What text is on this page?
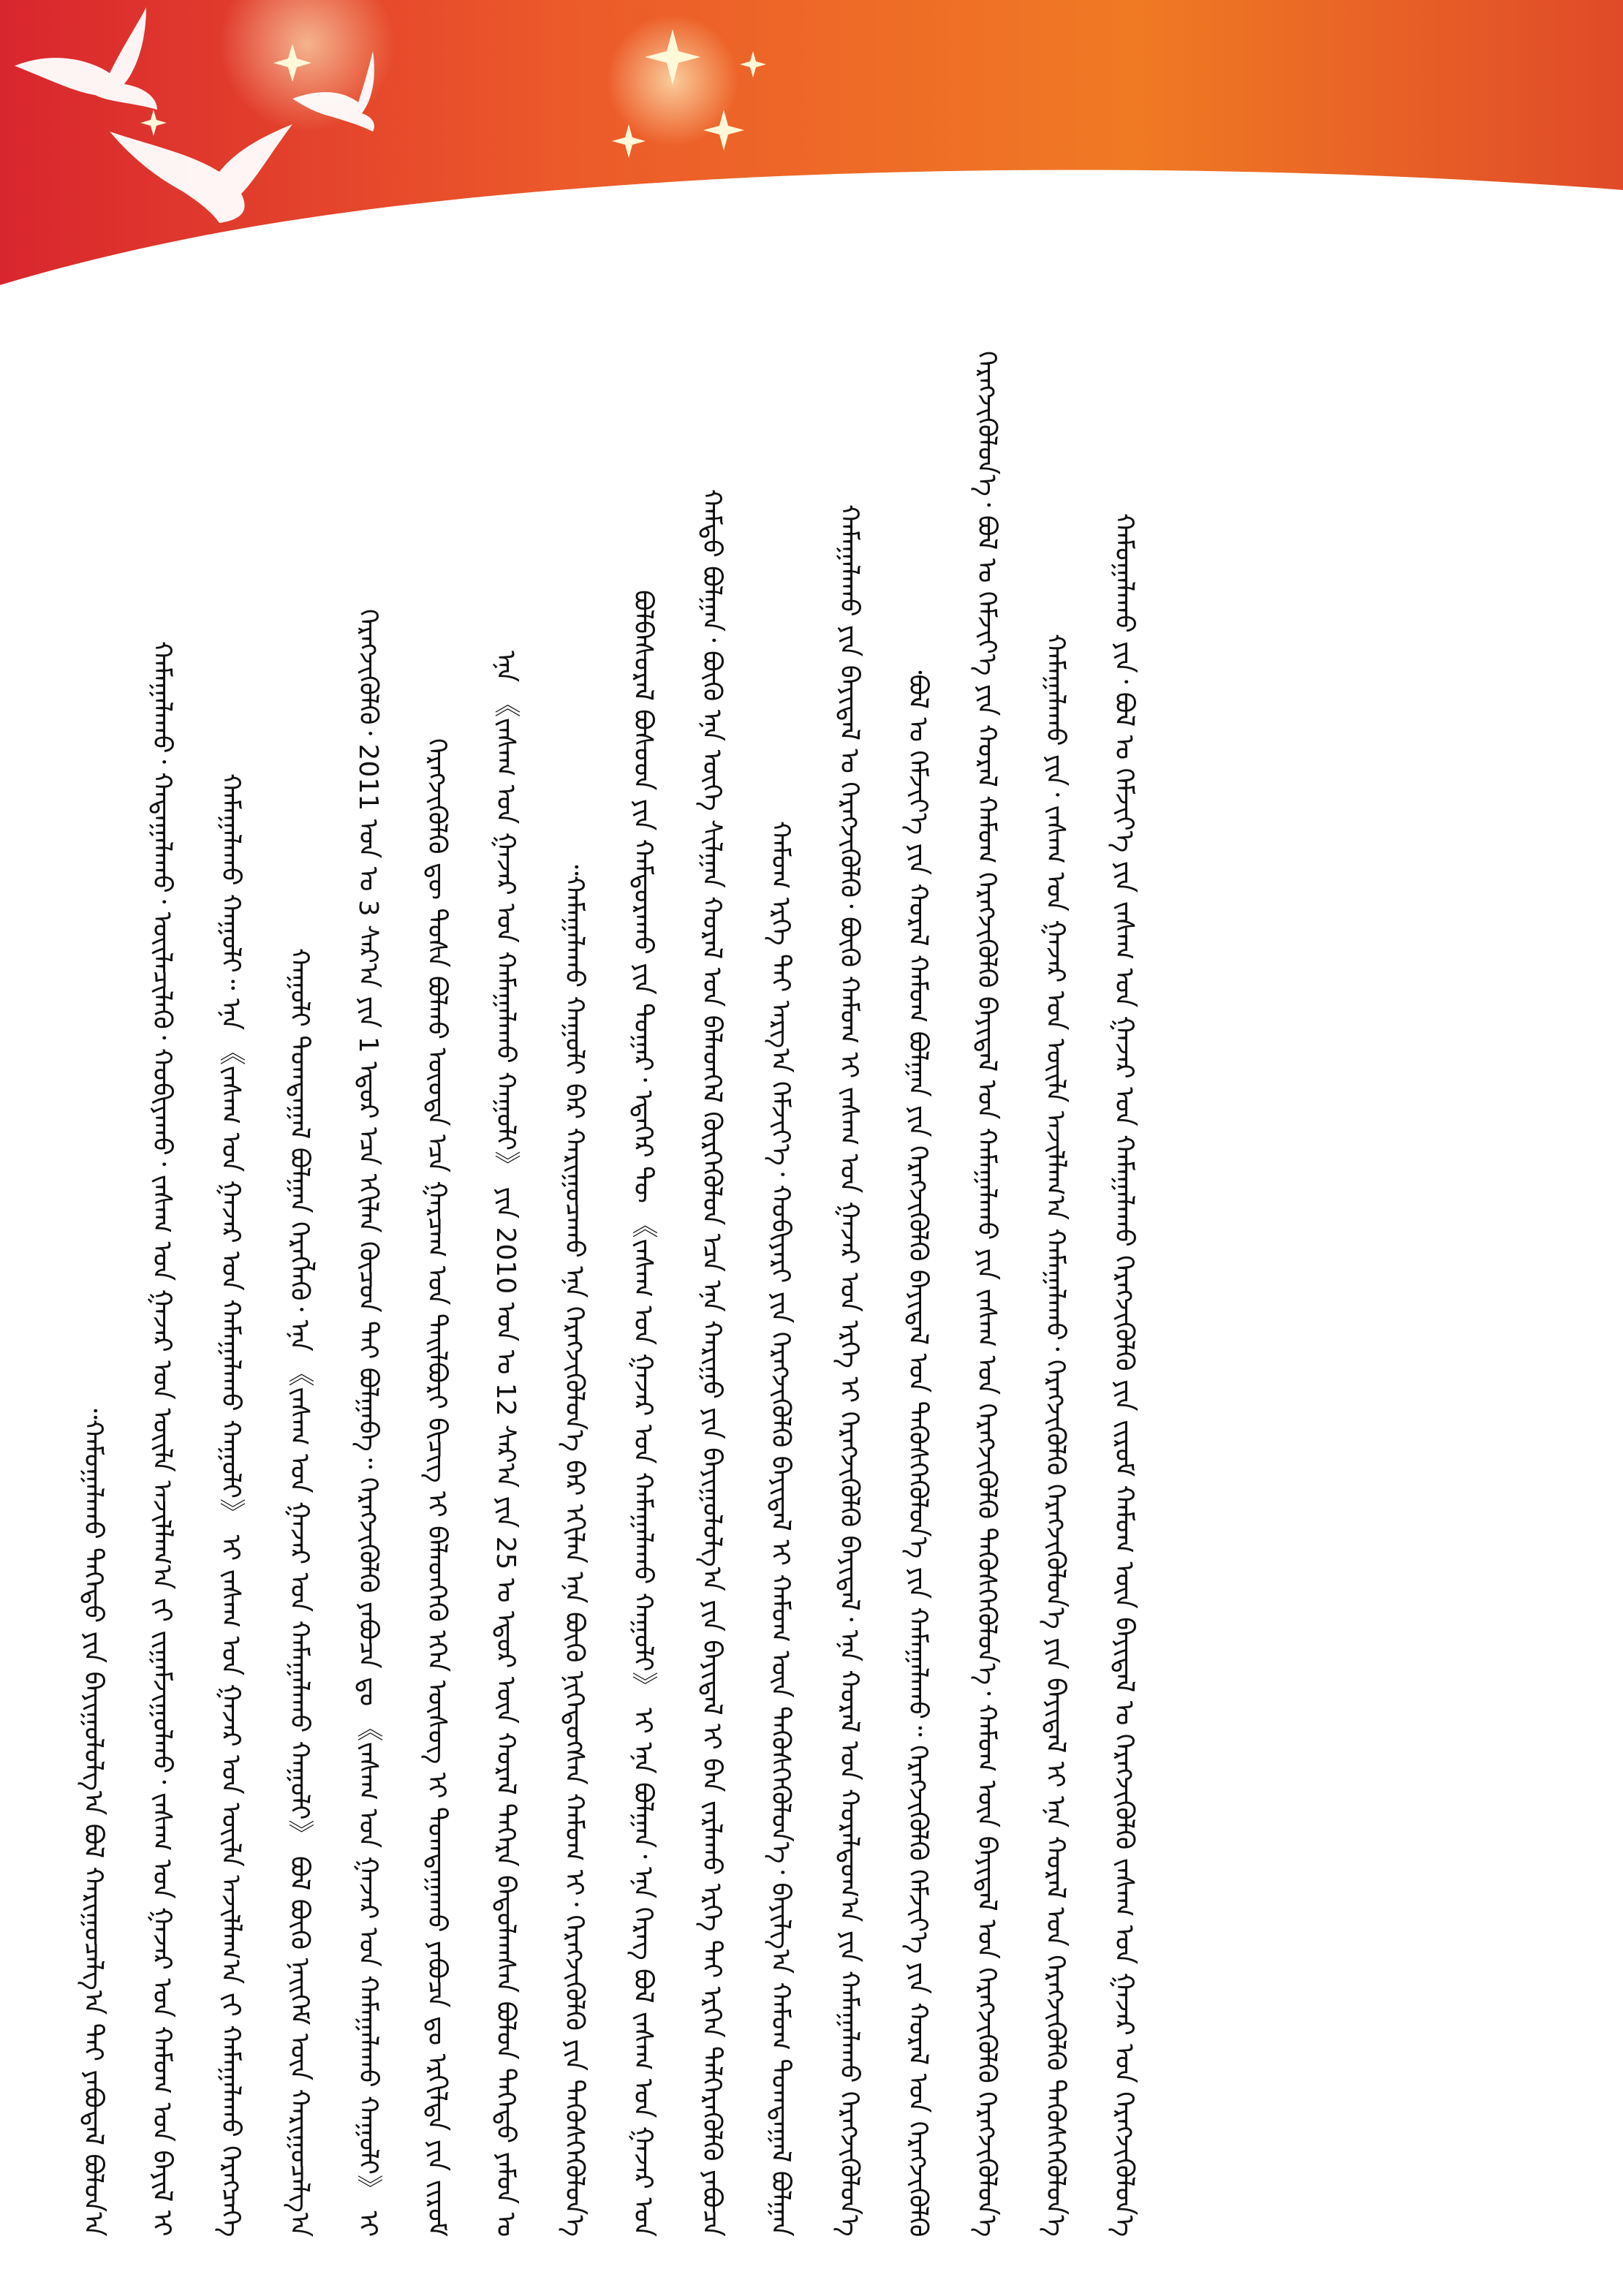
ᠬᠠᠮᠤᠭᠠᠯᠠᠬᠤ ᠳᠡᠭᠡᠳᠦ ᠶᠢᠨ ᠪᠠᠶᠢᠭᠤᠯᠤᠯᠭ᠎ᠠ ᠪᠣᠯ ᠬᠠᠷᠢᠭᠤᠴᠠᠯᠭ᠎ᠠ ᠲᠠᠢ ᠶᠠᠪᠤᠳᠠᠯ ᠪᠣᠯᠤᠨ᠎ᠠ᠃	ᠬᠠᠮᠠᠭᠠᠯᠠᠬᠤ᠂ ᠬᠠᠳᠠᠭᠠᠯᠠᠬᠤ᠂ ᠦᠢᠯᠡᠴᠢᠯᠡᠬᠦ᠂ ᠬᠤᠪᠢᠶᠠᠬᠤ᠂ ᠵᠠᠰᠠᠭ ᠤᠨ ᠭᠠᠵᠠᠷ ᠤᠨ ᠦᠢᠯᠡ ᠠᠵᠢᠯᠯᠠᠭ᠎ᠠ ᠵᠢ ᠵᠢᠭᠠᠮᠵᠢᠭᠤᠯᠬᠤ᠂ ᠵᠠᠰᠠᠭ ᠤᠨ ᠭᠠᠵᠠᠷ ᠤᠨ ᠬᠠᠮᠤᠭ ᠤᠨ ᠪᠠᠶᠢᠯ ᠢ	ᠬᠠᠮᠠᠭᠠᠯᠠᠬᠤ ᠬᠠᠭᠤᠯᠢ᠃ ᠡᠨᠡ 《ᠵᠠᠰᠠᠭ ᠤᠨ ᠭᠠᠵᠠᠷ ᠤᠨ ᠬᠠᠮᠠᠭᠠᠯᠠᠬᠤ ᠬᠠᠭᠤᠯᠢ》 ᠢ ᠵᠠᠰᠠᠭ ᠤᠨ ᠭᠠᠵᠠᠷ ᠤᠨ ᠦᠢᠯᠡ ᠠᠵᠢᠯᠯᠠᠭ᠎ᠠ ᠵᠢ ᠬᠠᠮᠠᠭᠠᠯᠠᠬᠤ ᠬᠡᠷᠡᠭᠴᠡᠭᠡ	ᠬᠠᠭᠤᠯᠢ ᠲᠣᠭᠲᠠᠭᠠᠯ ᠪᠣᠯᠭᠠᠨ ᠬᠡᠷᠡᠭᠯᠡᠬᠦ᠂ ᠡᠨᠡ 《ᠵᠠᠰᠠᠭ ᠤᠨ ᠭᠠᠵᠠᠷ ᠤᠨ ᠬᠠᠮᠠᠭᠠᠯᠠᠬᠤ ᠬᠠᠭᠤᠯᠢ》 ᠪᠣᠯ ᠪᠦᠬᠦ ᠨᠡᠢᠭᠡᠮ ᠦᠨ ᠬᠠᠷᠢᠭᠤᠴᠠᠯᠭ᠎ᠠ	ᠬᠡᠷᠡᠭᠵᠢᠭᠦᠯᠬᠦ᠂ 2011 ᠣᠨ ᠤ 3 ᠰᠠᠷ᠎ᠠ ᠶᠢᠨ 1 ᠡᠳᠦᠷ ᠡᠴᠡ ᠡᠬᠢᠯᠡᠨ ᠬᠦᠴᠦᠨ ᠲᠡᠢ ᠪᠣᠯᠭᠠᠪᠠ᠃ ᠬᠡᠷᠡᠭᠵᠢᠭᠦᠯᠬᠦ ᠶᠠᠪᠤᠴᠠ ᠳᠤ 《ᠵᠠᠰᠠᠭ ᠤᠨ ᠭᠠᠵᠠᠷ ᠤᠨ ᠬᠠᠮᠠᠭᠠᠯᠠᠬᠤ ᠬᠠᠭᠤᠯᠢ》 ᠢ	ᠬᠡᠷᠡᠭᠵᠢᠭᠦᠯᠬᠦ ᠳᠦ ᠲᠤᠰᠠ ᠪᠣᠯᠬᠤ ᠦᠦᠳᠡ ᠡᠴᠡ ᠭᠠᠷᠴᠠᠭ ᠤᠨ ᠲᠠᠢᠯᠪᠤᠷᠢ ᠪᠢᠴᠢᠭ ᠢ ᠪᠡᠯᠡᠳᠬᠡᠬᠦ ᠡᠬᠡᠨ ᠦᠰᠦᠭ ᠢ ᠲᠣᠭᠲᠠᠭᠠᠬᠤ ᠶᠠᠪᠤᠴᠠ ᠳᠤ ᠡᠷᠭᠢᠯᠳᠡ ᠶᠢᠨ ᠵᠢᠷᠤᠮ	ᠡᠨᠡ 《ᠵᠠᠰᠠᠭ ᠤᠨ ᠭᠠᠵᠠᠷ ᠤᠨ ᠬᠠᠮᠠᠭᠠᠯᠠᠬᠤ ᠬᠠᠭᠤᠯᠢ》 ᠶᠢᠨ 2010 ᠣᠨ ᠤ 12 ᠰᠠᠷ᠎ᠠ ᠶᠢᠨ 25 ᠤ ᠡᠳᠦᠷ ᠦᠨ ᠬᠤᠷᠠᠯ ᠳᠡᠭᠡᠷᠡ ᠪᠠᠲᠤᠯᠠᠭᠰᠠᠨ ᠪᠣᠯᠤᠨ ᠳᠡᠭᠡᠳᠦ ᠶᠠᠮᠤᠨ ᠤ	ᠬᠠᠮᠠᠭᠠᠯᠠᠬᠤ ᠬᠠᠭᠤᠯᠢ ᠪᠠᠷ ᠬᠠᠷᠢᠭᠤᠴᠠᠬᠤ ᠡᠨᠡ ᠬᠡᠷᠡᠭᠵᠢᠭᠦᠯᠦᠨ᠎ᠡ ᠪᠡᠷ ᠡᠬᠢᠯᠡᠨ ᠡᠨᠡ ᠪᠦᠬᠦ ᠨᠢᠭᠡᠳᠦᠭᠰᠡᠨ ᠬᠠᠮᠤᠭ ᠢ᠂ ᠬᠡᠷᠡᠭᠵᠢᠭᠦᠯᠬᠦ ᠶᠢᠨ ᠲᠡᠭᠦᠰᠬᠡᠭᠦᠯᠦᠨ᠎ᠡ᠃	ᠪᠣᠯᠪᠠᠰᠤᠷᠠᠯ ᠪᠤᠰᠤᠳ ᠶᠢᠨ ᠬᠠᠮᠲᠤᠷᠠᠬᠤ ᠶᠢᠨ ᠳᠤᠭᠠᠷ᠂ ᠡᠳᠡᠭᠡᠷ ᠲᠦ 《ᠵᠠᠰᠠᠭ ᠤᠨ ᠭᠠᠵᠠᠷ ᠤᠨ ᠬᠠᠮᠠᠭᠠᠯᠠᠬᠤ ᠬᠠᠭᠤᠯᠢ》 ᠢ ᠡᠨᠡ ᠪᠣᠯᠭᠠᠨ᠂ ᠡᠨᠡ ᠬᠡᠷᠡᠭ ᠪᠣᠯ ᠵᠠᠰᠠᠭ ᠤᠨ ᠭᠠᠵᠠᠷ ᠤᠨ	ᠬᠠᠮᠲᠤ ᠪᠣᠯᠭᠠᠨ᠂ ᠪᠦᠬᠦ ᠡᠨᠡ ᠦᠭᠡ ᠰᠢᠯᠭᠠᠨ ᠬᠤᠷᠠᠯ ᠤᠨ ᠪᠡᠯᠡᠳᠬᠡᠯ ᠬᠦᠷᠭᠡᠭᠦᠯᠦᠨ ᠡᠴᠡ ᠡᠨᠡ ᠬᠠᠷᠢᠭᠤ ᠶᠢᠨ ᠪᠠᠶᠢᠭᠤᠯᠤᠯᠭ᠎ᠠ ᠶᠢᠨ ᠪᠠᠶᠢᠳᠠᠯ ᠢ ᠪᠠᠨ ᠵᠠᠷᠯᠠᠬᠤ ᠡᠷᠬᠡ ᠲᠡᠢ ᠡᠷᠭᠡᠨ ᠳᠡᠯᠭᠡᠷᠡᠭᠦᠯᠬᠦ ᠶᠠᠪᠤᠴᠠ	ᠬᠠᠮᠤᠭ ᠡᠷᠬᠡ ᠲᠠᠢ ᠠᠷᠭ᠎ᠠ ᠬᠡᠮᠵᠢᠶ᠎ᠡ᠂ ᠬᠤᠪᠢᠶᠠᠷᠢ ᠶᠢᠨ ᠬᠡᠷᠡᠭᠵᠢᠭᠦᠯᠬᠦ ᠪᠠᠶᠢᠳᠠᠯ ᠢ ᠬᠠᠮᠤᠭ ᠦᠨ ᠲᠡᠭᠦᠰᠬᠡᠭᠦᠯᠦᠨ᠎ᠡ᠂ ᠪᠠᠶᠢᠯᠭ᠎ᠠ ᠬᠠᠮᠤᠭ ᠲᠣᠭᠲᠠᠭᠠᠯ ᠪᠣᠯᠭᠠᠨ	ᠬᠠᠮᠠᠭᠠᠯᠠᠬᠤ ᠶᠢᠨ ᠪᠠᠶᠢᠳᠠᠯ ᠤ ᠬᠡᠷᠡᠭᠵᠢᠭᠦᠯᠬᠦ᠂ ᠪᠦᠬᠦ ᠬᠠᠮᠤᠭ ᠢ ᠵᠠᠰᠠᠭ ᠤᠨ ᠭᠠᠵᠠᠷ ᠤᠨ ᠡᠷᠬᠡ ᠢ ᠬᠡᠷᠡᠭᠵᠢᠭᠦᠯᠬᠦ ᠪᠠᠶᠢᠳᠠᠯ᠂ ᠡᠨᠡ ᠬᠤᠷᠠᠯ ᠤᠨ ᠬᠤᠷᠠᠯᠳᠤᠭ᠎ᠠ ᠶᠢᠨ ᠬᠠᠮᠠᠭᠠᠯᠠᠬᠤ ᠬᠡᠷᠡᠭᠵᠢᠭᠦᠯᠦᠨ᠎ᠡ	ᠪᠣᠯ ᠤ ᠬᠡᠮᠵᠢᠶ᠎ᠡ ᠶᠢᠨ ᠬᠤᠷᠠᠯ ᠬᠠᠮᠤᠭ ᠪᠣᠯᠭᠠᠨ ᠶᠢᠨ ᠬᠡᠷᠡᠭᠵᠢᠭᠦᠯᠬᠦ ᠪᠠᠶᠢᠳᠠᠯ ᠤᠨ ᠲᠡᠭᠦᠰᠬᠡᠭᠦᠯᠦᠨ᠎ᠡ ᠶᠢᠨ ᠬᠠᠮᠠᠭᠠᠯᠠᠬᠤ᠃ ᠬᠡᠷᠡᠭᠵᠢᠭᠦᠯᠬᠦ ᠬᠡᠮᠵᠢᠶ᠎ᠡ ᠶᠢᠨ ᠬᠤᠷᠠᠯ ᠤᠨ ᠬᠡᠷᠡᠭᠵᠢᠭᠦᠯᠬᠦ᠂	ᠬᠡᠷᠡᠭᠵᠢᠭᠦᠯᠦᠨ᠎ᠡ᠂ ᠪᠣᠯ ᠤ ᠬᠡᠮᠵᠢᠶ᠎ᠡ ᠶᠢᠨ ᠬᠤᠷᠠᠯ ᠬᠠᠮᠤᠭ ᠬᠡᠷᠡᠭᠵᠢᠭᠦᠯᠬᠦ ᠪᠠᠶᠢᠳᠠᠯ ᠤᠨ ᠬᠠᠮᠠᠭᠠᠯᠠᠬᠤ ᠶᠢᠨ ᠵᠠᠰᠠᠭ ᠤᠨ ᠬᠡᠷᠡᠭᠵᠢᠭᠦᠯᠬᠦ ᠲᠡᠭᠦᠰᠬᠡᠭᠦᠯᠦᠨ᠎ᠡ᠂ ᠬᠠᠮᠤᠭ ᠦᠨ ᠪᠠᠶᠢᠳᠠᠯ ᠤᠨ ᠬᠡᠷᠡᠭᠵᠢᠭᠦᠯᠬᠦ ᠬᠡᠷᠡᠭᠵᠢᠭᠦᠯᠦᠨ᠎ᠡ	ᠬᠠᠮᠠᠭᠠᠯᠠᠬᠤ ᠶᠢᠨ᠂ ᠵᠠᠰᠠᠭ ᠤᠨ ᠭᠠᠵᠠᠷ ᠤᠨ ᠦᠢᠯᠡ ᠠᠵᠢᠯᠯᠠᠭ᠎ᠠ ᠬᠠᠮᠠᠭᠠᠯᠠᠬᠤ᠂ ᠬᠡᠷᠡᠭᠵᠢᠭᠦᠯᠬᠦ ᠬᠡᠷᠡᠭᠵᠢᠭᠦᠯᠦᠨ᠎ᠡ ᠶᠢᠨ ᠪᠠᠶᠢᠳᠠᠯ ᠢ ᠡᠨᠡ ᠬᠤᠷᠠᠯ ᠤᠨ ᠬᠡᠷᠡᠭᠵᠢᠭᠦᠯᠬᠦ ᠲᠡᠭᠦᠰᠬᠡᠭᠦᠯᠦᠨ᠎ᠡ	ᠬᠠᠮᠤᠭᠠᠯᠠᠬᠤ ᠶᠢᠨ᠂ ᠪᠣᠯ ᠤ ᠬᠡᠮᠵᠢᠶ᠎ᠡ ᠶᠢᠨ ᠵᠠᠰᠠᠭ ᠤᠨ ᠭᠠᠵᠠᠷ ᠤᠨ ᠬᠠᠮᠠᠭᠠᠯᠠᠬᠤ ᠬᠡᠷᠡᠭᠵᠢᠭᠦᠯᠬᠦ ᠶᠢᠨ ᠵᠢᠷᠤᠮ ᠬᠠᠮᠤᠭ ᠦᠨ ᠪᠠᠶᠢᠳᠠᠯ ᠤ ᠬᠡᠷᠡᠭᠵᠢᠭᠦᠯᠬᠦ ᠵᠠᠰᠠᠭ ᠤᠨ ᠭᠠᠵᠠᠷ ᠤᠨ ᠬᠡᠷᠡᠭᠵᠢᠭᠦᠯᠦᠨ᠎ᠡ
